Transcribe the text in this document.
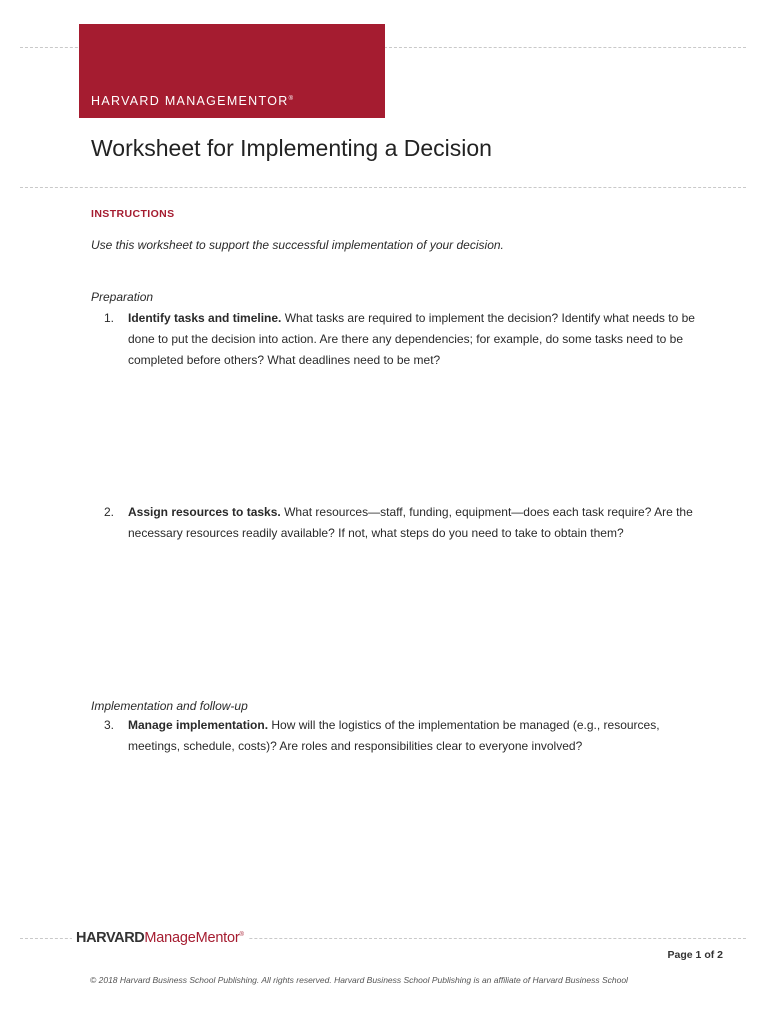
HARVARD MANAGEMENTOR®
Worksheet for Implementing a Decision
INSTRUCTIONS
Use this worksheet to support the successful implementation of your decision.
Preparation
1. Identify tasks and timeline. What tasks are required to implement the decision? Identify what needs to be done to put the decision into action. Are there any dependencies; for example, do some tasks need to be completed before others? What deadlines need to be met?
2. Assign resources to tasks. What resources—staff, funding, equipment—does each task require? Are the necessary resources readily available? If not, what steps do you need to take to obtain them?
Implementation and follow-up
3. Manage implementation. How will the logistics of the implementation be managed (e.g., resources, meetings, schedule, costs)? Are roles and responsibilities clear to everyone involved?
HARVARDManageMentor®
Page 1 of 2
© 2018 Harvard Business School Publishing. All rights reserved. Harvard Business School Publishing is an affiliate of Harvard Business School
